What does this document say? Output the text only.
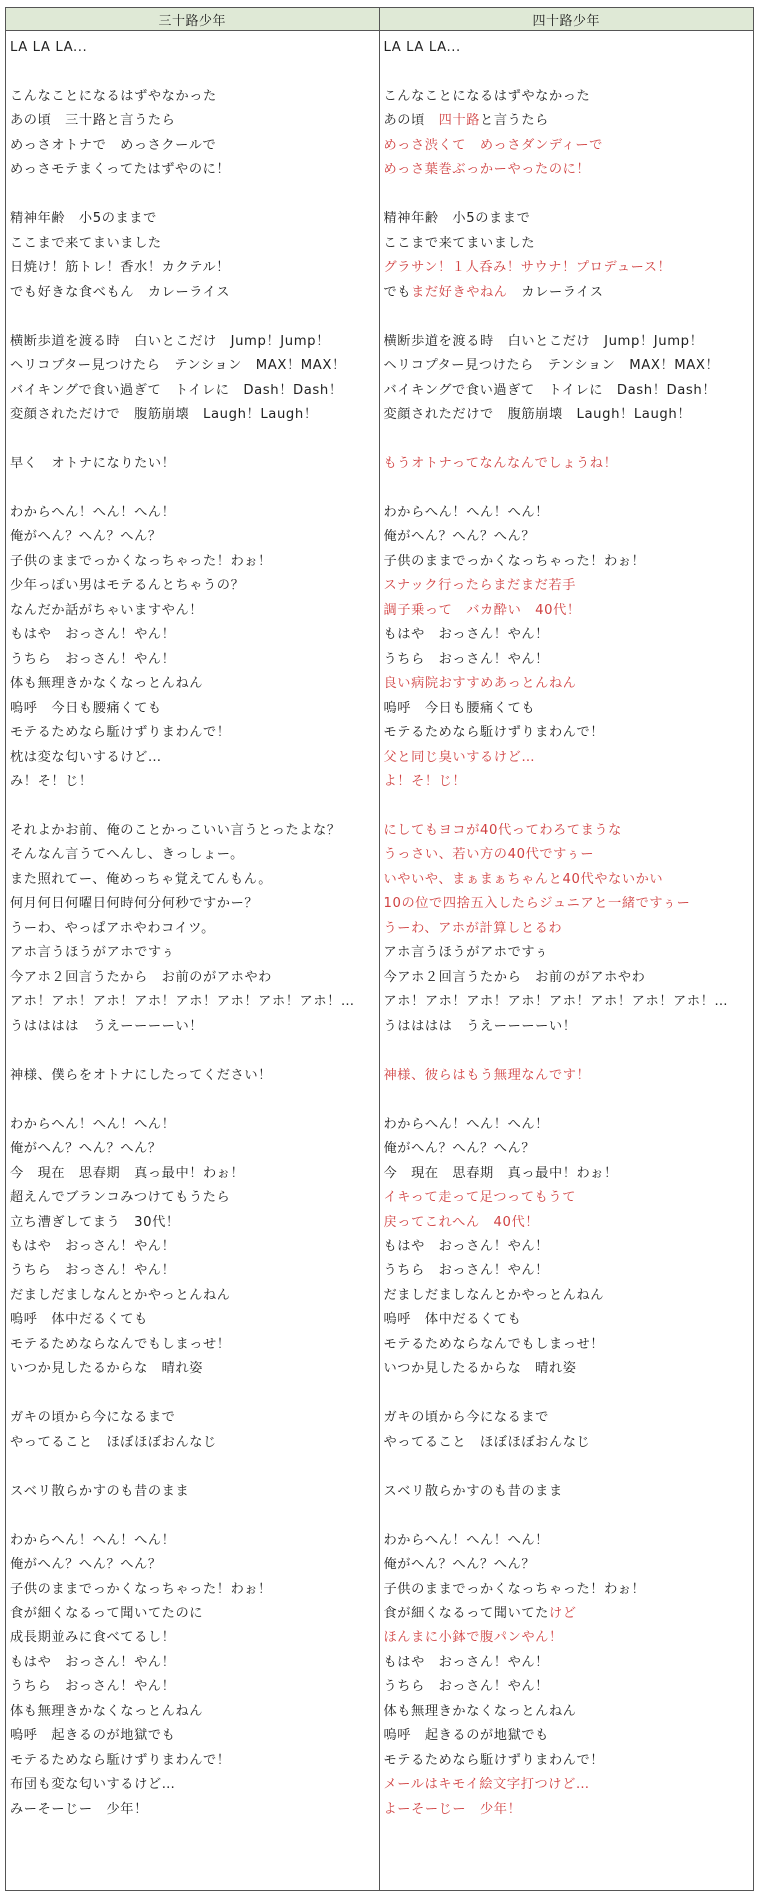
三十路少年
LA LA LA...
こんなことになるはずやなかった
あの頃　三十路と言うたら
めっさオトナで　めっさクールで
めっさモテまくってたはずやのに！
精神年齢　小5のままで
ここまで来てまいました
日焼け！筋トレ！香水！カクテル！
でも好きな食べもん　カレーライス
横断歩道を渡る時　白いとこだけ　Jump！Jump！
ヘリコプター見つけたら　テンション　MAX！MAX！
バイキングで食い過ぎて　トイレに　Dash！Dash！
変顔されただけで　腹筋崩壊　Laugh！Laugh！
早く　オトナになりたい！
わからへん！へん！へん！
俺がへん？へん？へん？
子供のままでっかくなっちゃった！わぉ！
少年っぽい男はモテるんとちゃうの？
なんだか話がちゃいますやん！
もはや　おっさん！やん！
うちら　おっさん！やん！
体も無理きかなくなっとんねん
嗚呼　今日も腰痛くても
モテるためなら駈けずりまわんで！
枕は変な匂いするけど…
み！そ！じ！
それよかお前、俺のことかっこいい言うとったよな？
そんなん言うてへんし、きっしょー。
また照れてー、俺めっちゃ覚えてんもん。
何月何日何曜日何時何分何秒ですかー？
うーわ、やっぱアホやわコイツ。
アホ言うほうがアホですぅ
今アホ２回言うたから　お前のがアホやわ
アホ！アホ！アホ！アホ！アホ！アホ！アホ！アホ！…
うはははは　うえーーーーい！
神様、僕らをオトナにしたってください！
わからへん！へん！へん！
俺がへん？へん？へん？
今　現在　思春期　真っ最中！わぉ！
超えんでブランコみつけてもうたら
立ち漕ぎしてまう　30代！
もはや　おっさん！やん！
うちら　おっさん！やん！
だましだましなんとかやっとんねん
嗚呼　体中だるくても
モテるためならなんでもしまっせ！
いつか見したるからな　晴れ姿
ガキの頃から今になるまで
やってること　ほぼほぼおんなじ
スベリ散らかすのも昔のまま
わからへん！へん！へん！
俺がへん？へん？へん？
子供のままでっかくなっちゃった！わぉ！
食が細くなるって聞いてたのに
成長期並みに食べてるし！
もはや　おっさん！やん！
うちら　おっさん！やん！
体も無理きかなくなっとんねん
嗚呼　起きるのが地獄でも
モテるためなら駈けずりまわんで！
布団も変な匂いするけど…
みーそーじー　少年！
四十路少年
LA LA LA...
こんなことになるはずやなかった
あの頃　四十路と言うたら
めっさ渋くて　めっさダンディーで
めっさ葉巻ぶっかーやったのに！
精神年齢　小5のままで
ここまで来てまいました
グラサン！１人呑み！サウナ！プロデュース！
でもまだ好きやねん　カレーライス
横断歩道を渡る時　白いとこだけ　Jump！Jump！
ヘリコプター見つけたら　テンション　MAX！MAX！
バイキングで食い過ぎて　トイレに　Dash！Dash！
変顔されただけで　腹筋崩壊　Laugh！Laugh！
もうオトナってなんなんでしょうね！
わからへん！へん！へん！
俺がへん？へん？へん？
子供のままでっかくなっちゃった！わぉ！
スナック行ったらまだまだ若手
調子乗って　バカ酔い　40代！
もはや　おっさん！やん！
うちら　おっさん！やん！
良い病院おすすめあっとんねん
嗚呼　今日も腰痛くても
モテるためなら駈けずりまわんで！
父と同じ臭いするけど…
よ！そ！じ！
にしてもヨコが40代ってわろてまうな
うっさい、若い方の40代ですぅー
いやいや、まぁまぁちゃんと40代やないかい
10の位で四捨五入したらジュニアと一緒ですぅー
うーわ、アホが計算しとるわ
アホ言うほうがアホですぅ
今アホ２回言うたから　お前のがアホやわ
アホ！アホ！アホ！アホ！アホ！アホ！アホ！アホ！…
うはははは　うえーーーーい！
神様、彼らはもう無理なんです！
わからへん！へん！へん！
俺がへん？へん？へん？
今　現在　思春期　真っ最中！わぉ！
イキって走って足つってもうて
戻ってこれへん　40代！
もはや　おっさん！やん！
うちら　おっさん！やん！
だましだましなんとかやっとんねん
嗚呼　体中だるくても
モテるためならなんでもしまっせ！
いつか見したるからな　晴れ姿
ガキの頃から今になるまで
やってること　ほぼほぼおんなじ
スベリ散らかすのも昔のまま
わからへん！へん！へん！
俺がへん？へん？へん？
子供のままでっかくなっちゃった！わぉ！
食が細くなるって聞いてたけど
ほんまに小鉢で腹パンやん！
もはや　おっさん！やん！
うちら　おっさん！やん！
体も無理きかなくなっとんねん
嗚呼　起きるのが地獄でも
モテるためなら駈けずりまわんで！
メールはキモイ絵文字打つけど…
よーそーじー　少年！
